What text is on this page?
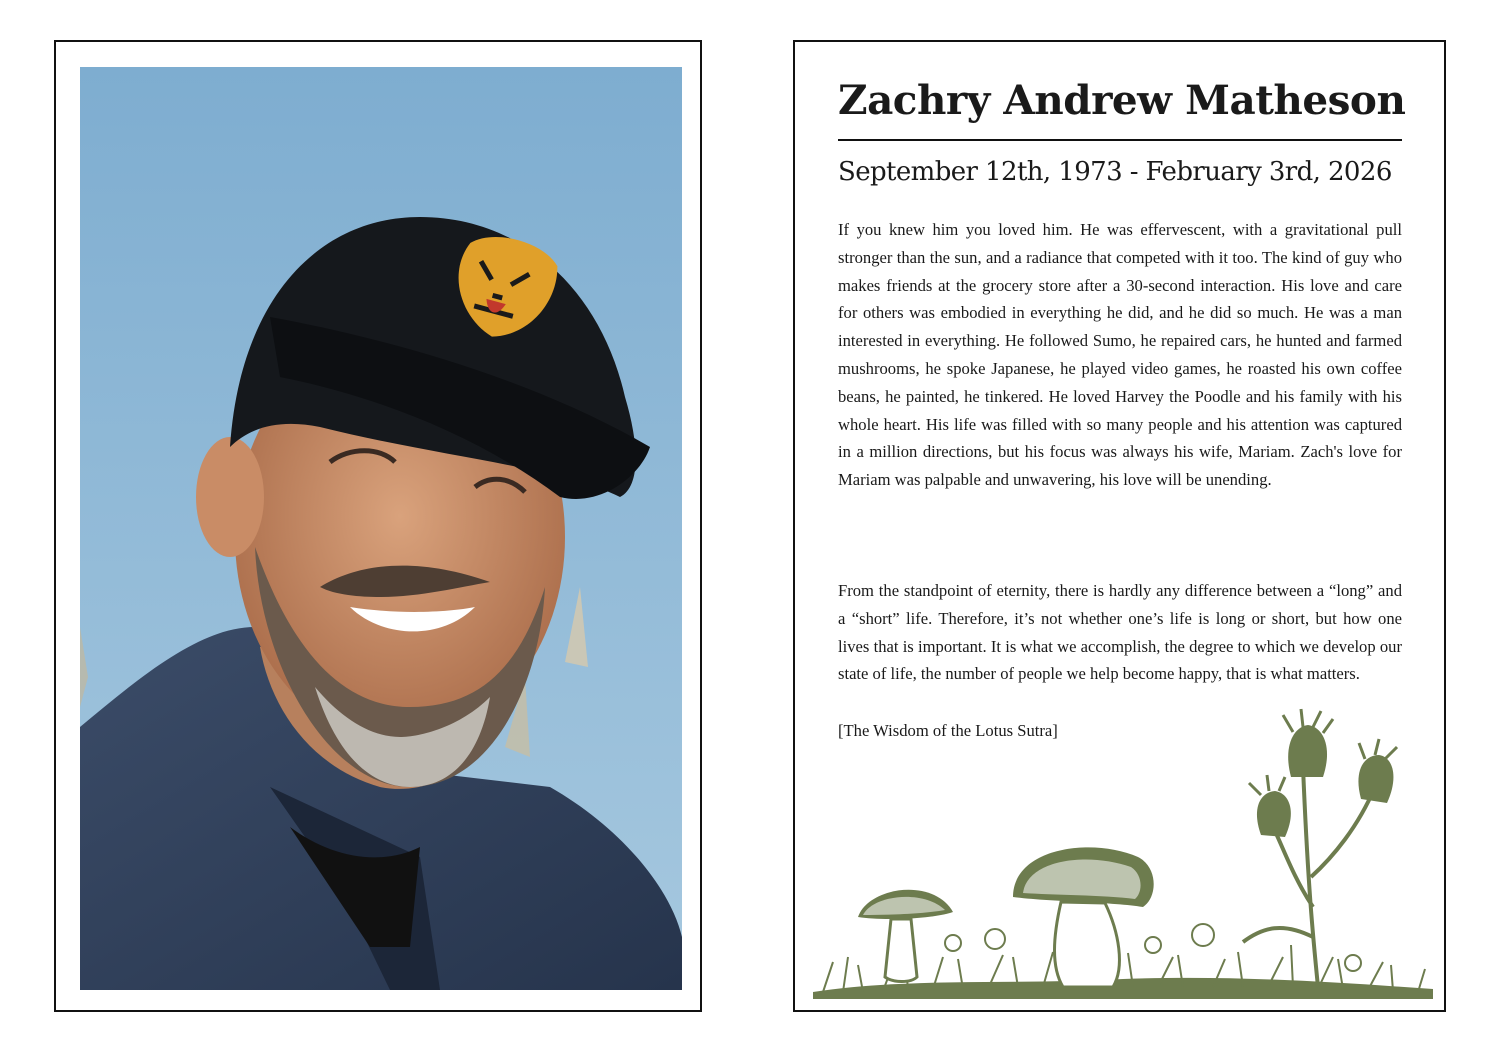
Zachry Andrew Matheson
September 12th, 1973 - February 3rd, 2026

If you knew him you loved him. He was effervescent, with a gravitational pull stronger than the sun, and a radiance that competed with it too. The kind of guy who makes friends at the grocery store after a 30-second interaction. His love and care for others was embodied in everything he did, and he did so much. He was a man interested in everything. He followed Sumo, he repaired cars, he hunted and farmed mushrooms, he spoke Japanese, he played video games, he roasted his own coffee beans, he painted, he tinkered. He loved Harvey the Poodle and his family with his whole heart. His life was filled with so many people and his attention was captured in a million directions, but his focus was always his wife, Mariam. Zach's love for Mariam was palpable and unwavering, his love will be unending.

From the standpoint of eternity, there is hardly any difference between a “long” and a “short” life. Therefore, it’s not whether one’s life is long or short, but how one lives that is important. It is what we accomplish, the degree to which we develop our state of life, the number of people we help become happy, that is what matters.

[The Wisdom of the Lotus Sutra]
